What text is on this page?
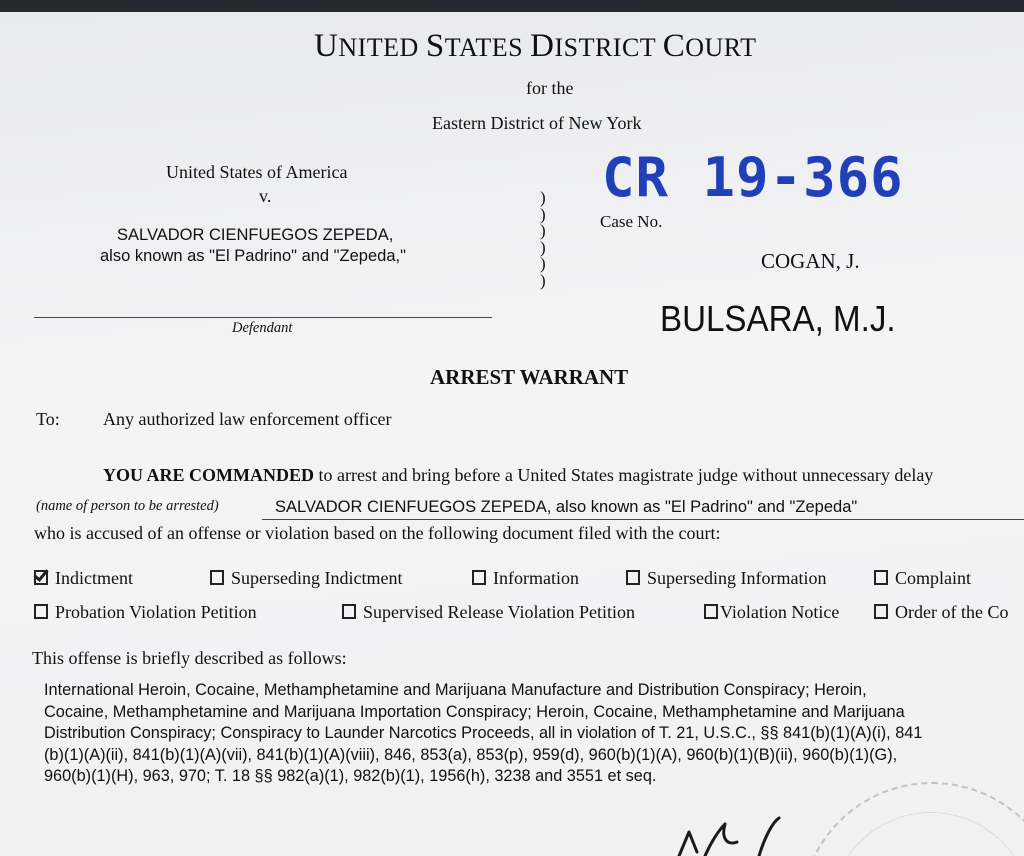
UNITED STATES DISTRICT COURT
for the
Eastern District of New York
United States of America
v.
SALVADOR CIENFUEGOS ZEPEDA,
also known as "El Padrino" and "Zepeda,"
Defendant
)
)
)
)
)
)
CR 19-366
Case No.
COGAN, J.
BULSARA, M.J.
ARREST WARRANT
To: Any authorized law enforcement officer
YOU ARE COMMANDED to arrest and bring before a United States magistrate judge without unnecessary delay
(name of person to be arrested)	SALVADOR CIENFUEGOS ZEPEDA, also known as "El Padrino" and "Zepeda"
who is accused of an offense or violation based on the following document filed with the court:
Indictment	Superseding Indictment	Information	Superseding Information	Complaint
Probation Violation Petition	Supervised Release Violation Petition	Violation Notice	Order of the Co
This offense is briefly described as follows:
International Heroin, Cocaine, Methamphetamine and Marijuana Manufacture and Distribution Conspiracy; Heroin,
Cocaine, Methamphetamine and Marijuana Importation Conspiracy; Heroin, Cocaine, Methamphetamine and Marijuana
Distribution Conspiracy; Conspiracy to Launder Narcotics Proceeds, all in violation of T. 21, U.S.C., §§ 841(b)(1)(A)(i), 841
(b)(1)(A)(ii), 841(b)(1)(A)(vii), 841(b)(1)(A)(viii), 846, 853(a), 853(p), 959(d), 960(b)(1)(A), 960(b)(1)(B)(ii), 960(b)(1)(G),
960(b)(1)(H), 963, 970; T. 18 §§ 982(a)(1), 982(b)(1), 1956(h), 3238 and 3551 et seq.
